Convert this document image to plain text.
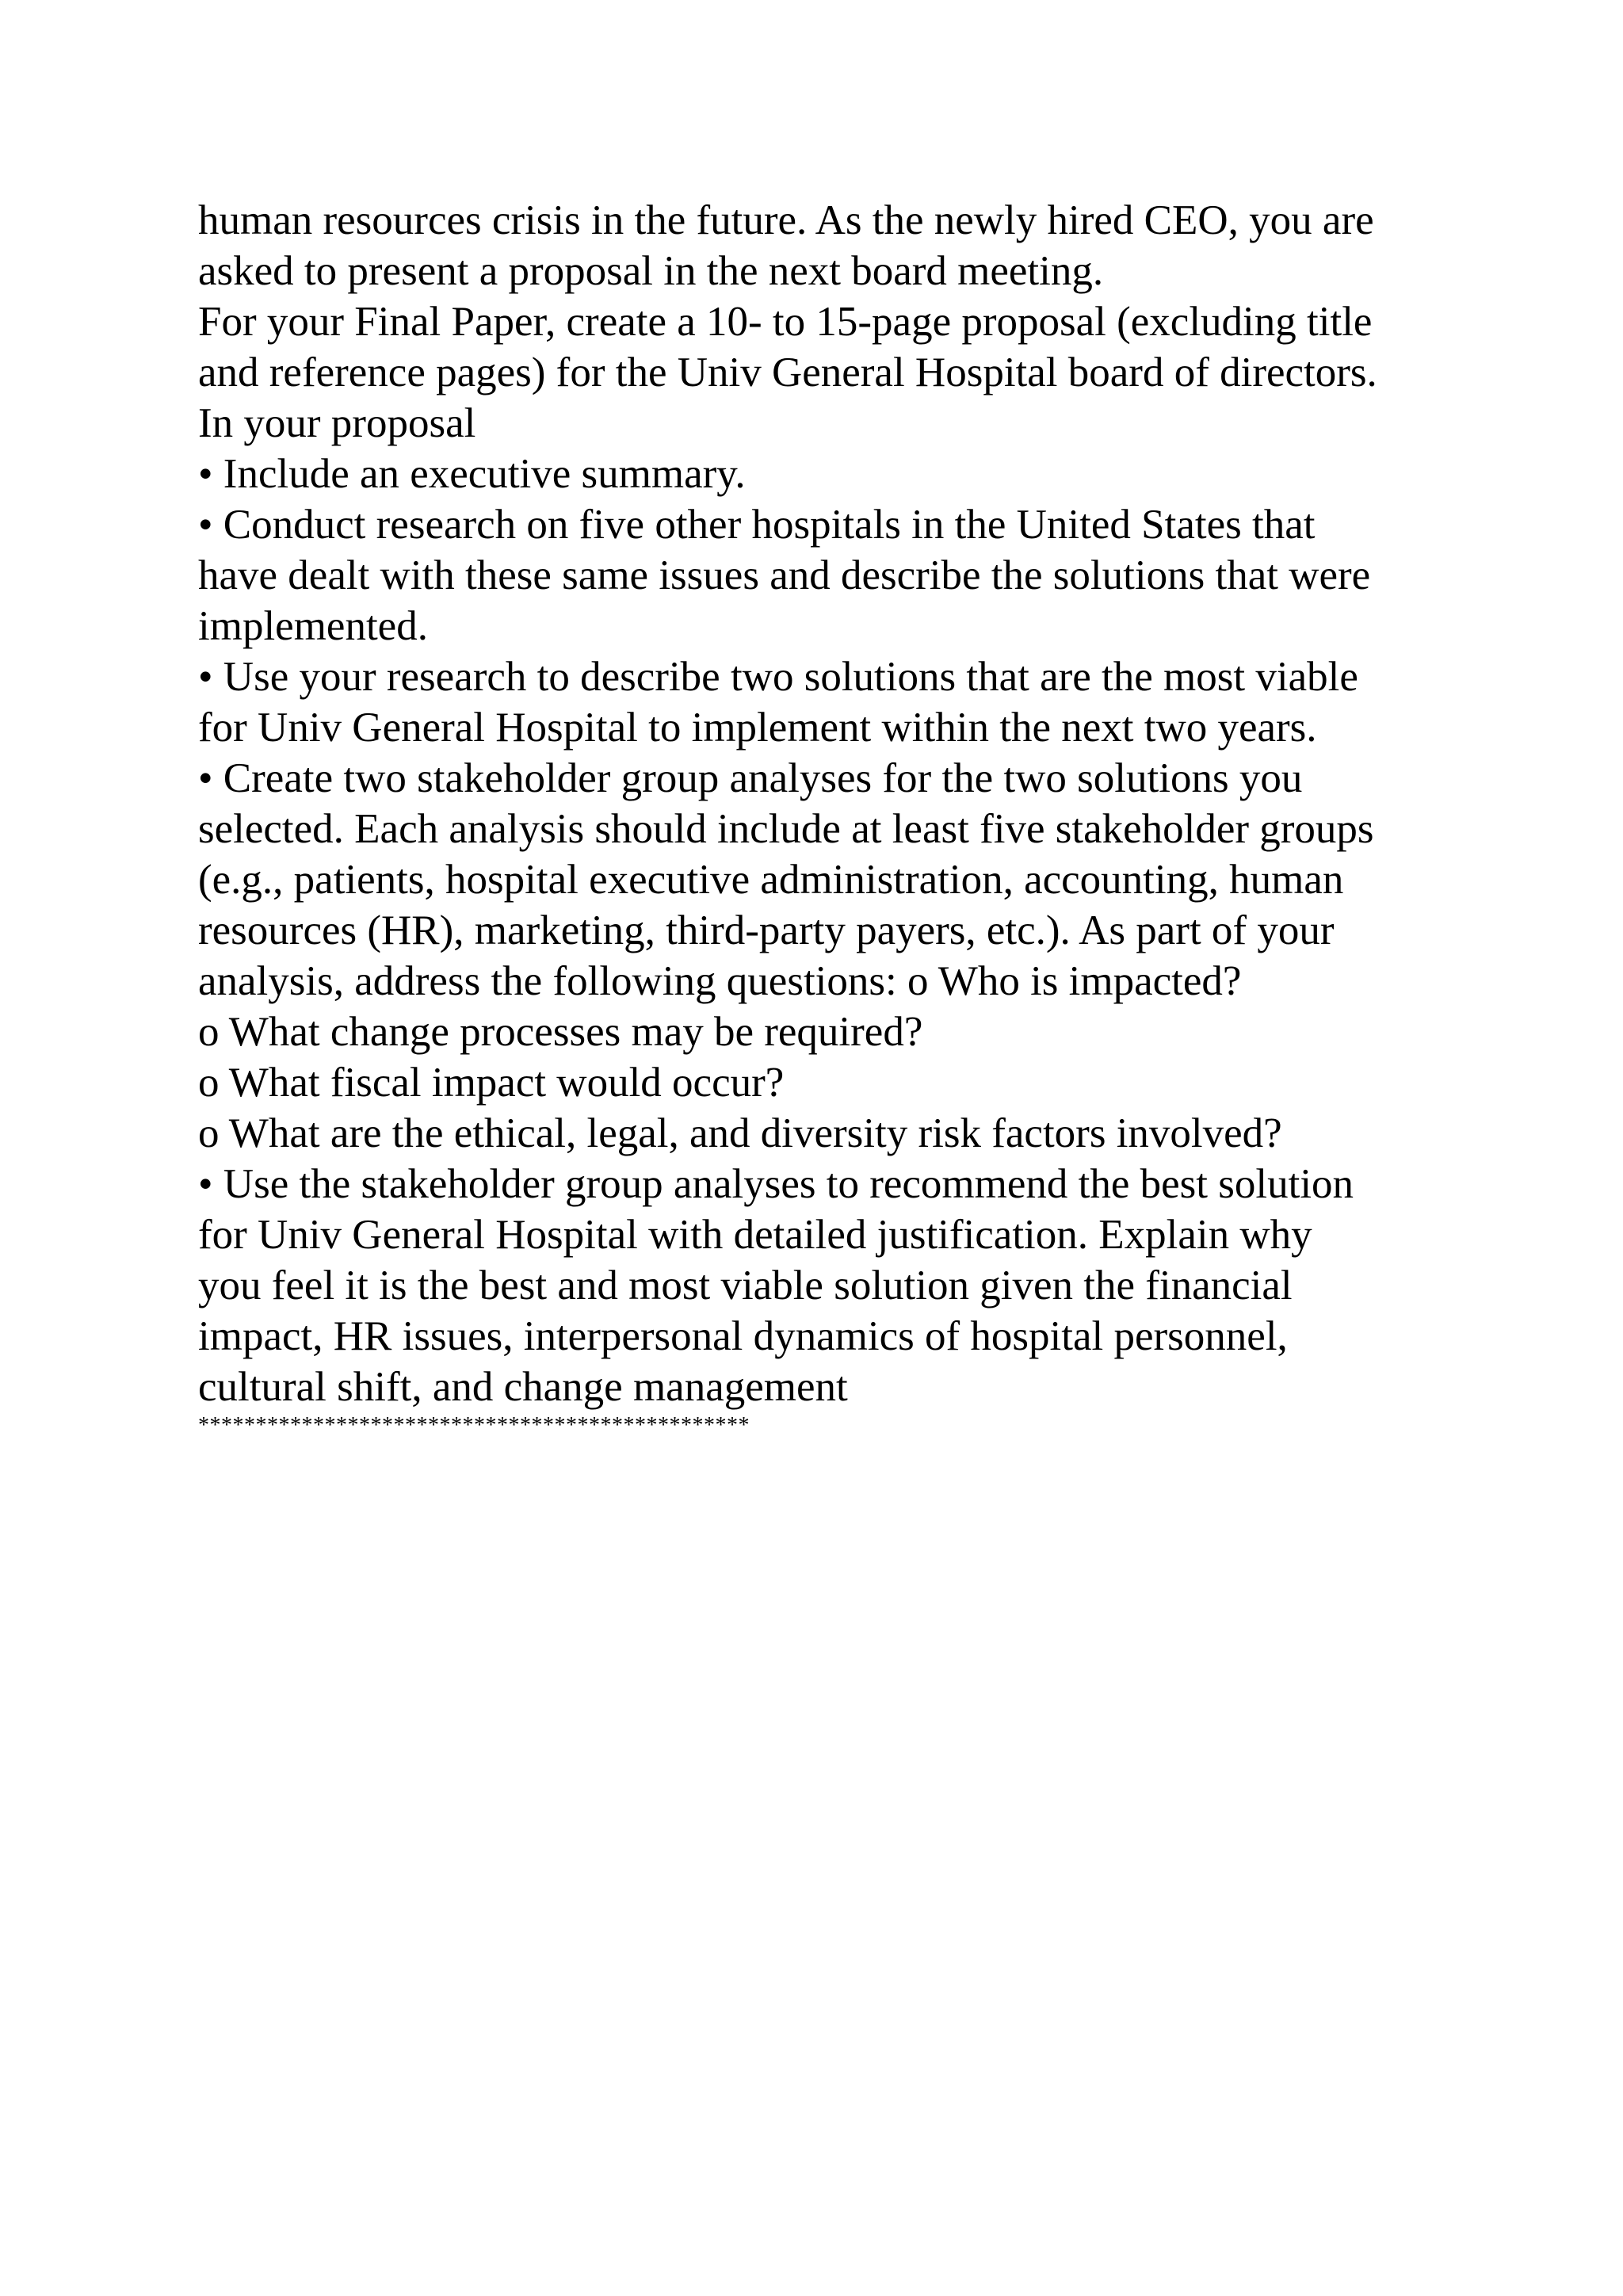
human resources crisis in the future. As the newly hired CEO, you are
asked to present a proposal in the next board meeting.
For your Final Paper, create a 10- to 15-page proposal (excluding title
and reference pages) for the Univ General Hospital board of directors.
In your proposal
• Include an executive summary.
• Conduct research on five other hospitals in the United States that
have dealt with these same issues and describe the solutions that were
implemented.
• Use your research to describe two solutions that are the most viable
for Univ General Hospital to implement within the next two years.
• Create two stakeholder group analyses for the two solutions you
selected. Each analysis should include at least five stakeholder groups
(e.g., patients, hospital executive administration, accounting, human
resources (HR), marketing, third-party payers, etc.). As part of your
analysis, address the following questions: o Who is impacted?
o What change processes may be required?
o What fiscal impact would occur?
o What are the ethical, legal, and diversity risk factors involved?
• Use the stakeholder group analyses to recommend the best solution
for Univ General Hospital with detailed justification. Explain why
you feel it is the best and most viable solution given the financial
impact, HR issues, interpersonal dynamics of hospital personnel,
cultural shift, and change management
************************************************
